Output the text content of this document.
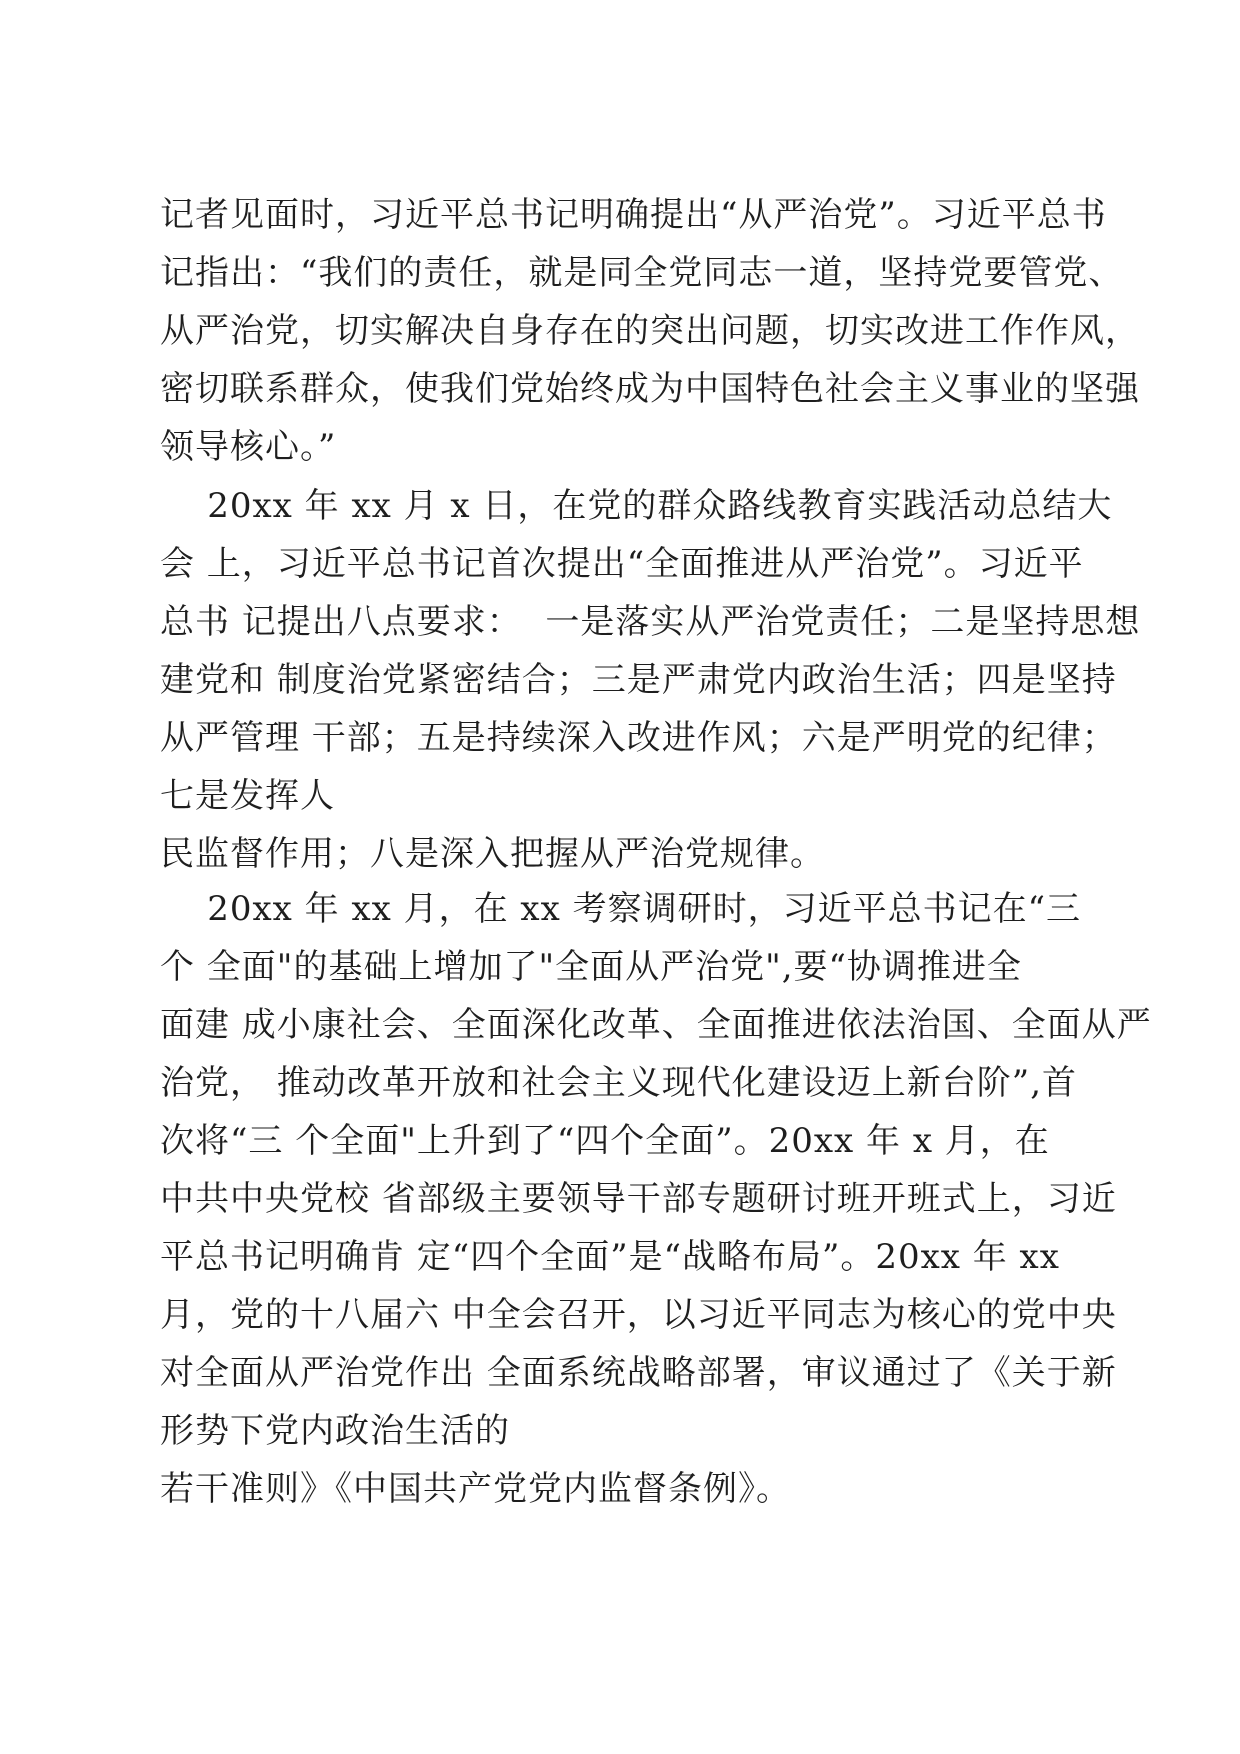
记者见面时，习近平总书记明确提出“从严治党”。习近平总书
记指出：“我们的责任，就是同全党同志一道，坚持党要管党、
从严治党，切实解决自身存在的突出问题，切实改进工作作风，
密切联系群众，使我们党始终成为中国特色社会主义事业的坚强
领导核心。”
20xx 年 xx 月 x 日，在党的群众路线教育实践活动总结大
会 上，习近平总书记首次提出“全面推进从严治党”。习近平
总书 记提出八点要求：  一是落实从严治党责任；二是坚持思想
建党和 制度治党紧密结合；三是严肃党内政治生活；四是坚持
从严管理 干部；五是持续深入改进作风；六是严明党的纪律；
七是发挥人
民监督作用；八是深入把握从严治党规律。
20xx 年 xx 月，在 xx 考察调研时，习近平总书记在“三
个 全面"的基础上增加了"全面从严治党",要“协调推进全
面建 成小康社会、全面深化改革、全面推进依法治国、全面从严
治党， 推动改革开放和社会主义现代化建设迈上新台阶”,首
次将“三 个全面"上升到了“四个全面”。20xx 年 x 月，在
中共中央党校 省部级主要领导干部专题研讨班开班式上，习近
平总书记明确肯 定“四个全面”是“战略布局”。20xx 年 xx
月，党的十八届六 中全会召开，以习近平同志为核心的党中央
对全面从严治党作出 全面系统战略部署，审议通过了《关于新
形势下党内政治生活的
若干准则》《中国共产党党内监督条例》。
